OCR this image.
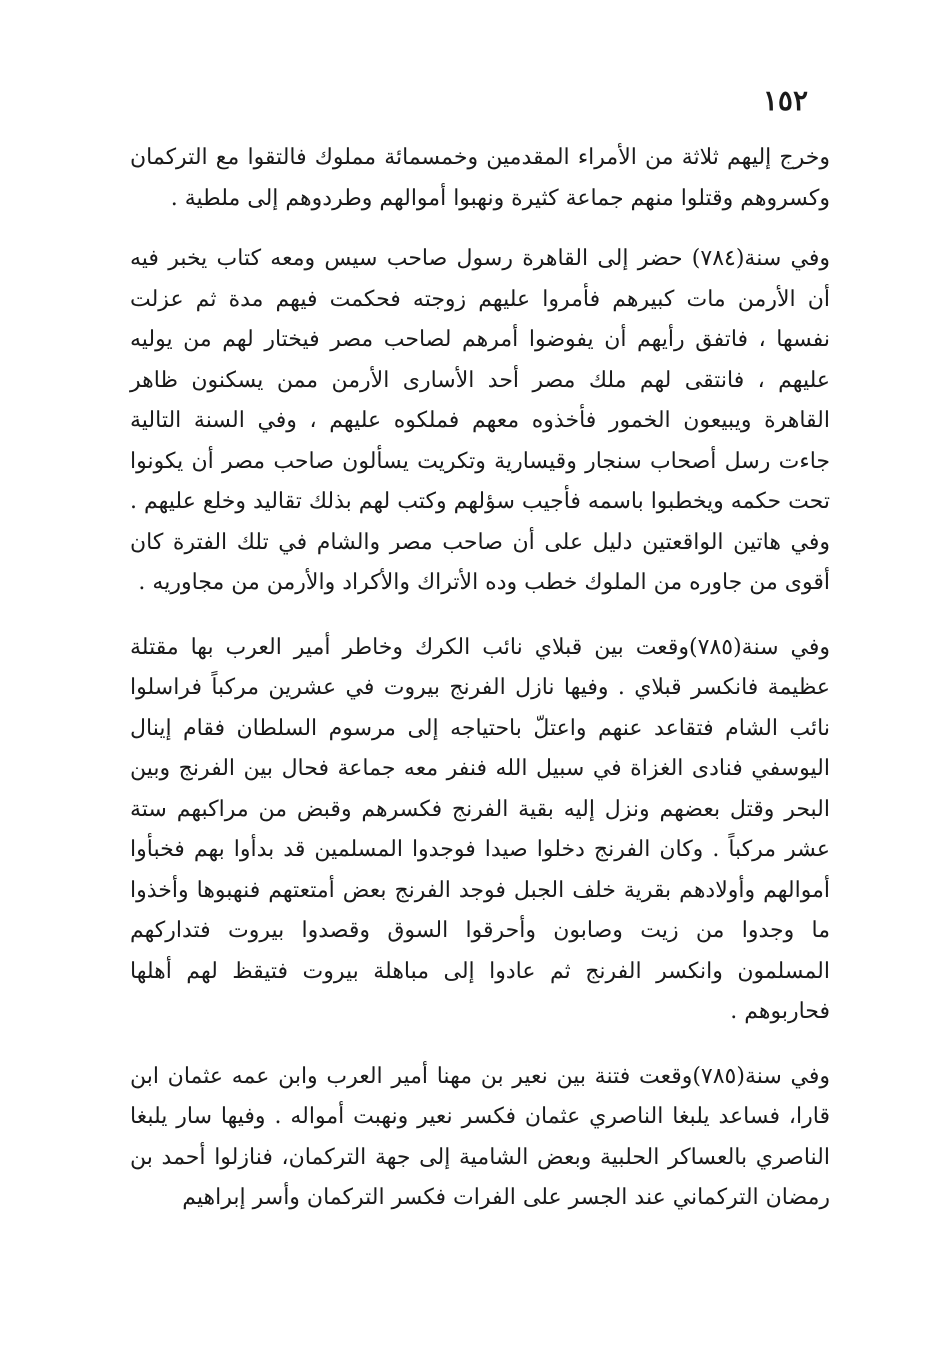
١٥٢

وخرج إليهم ثلاثة من الأمراء المقدمين وخمسمائة مملوك فالتقوا مع التركمان وكسروهم وقتلوا منهم جماعة كثيرة ونهبوا أموالهم وطردوهم إلى ملطية .

وفي سنة(٧٨٤) حضر إلى القاهرة رسول صاحب سيس ومعه كتاب يخبر فيه أن الأرمن مات كبيرهم فأمروا عليهم زوجته فحكمت فيهم مدة ثم عزلت نفسها ، فاتفق رأيهم أن يفوضوا أمرهم لصاحب مصر فيختار لهم من يوليه عليهم ، فانتقى لهم ملك مصر أحد الأسارى الأرمن ممن يسكنون ظاهر القاهرة ويبيعون الخمور فأخذوه معهم فملكوه عليهم ، وفي السنة التالية جاءت رسل أصحاب سنجار وقيسارية وتكريت يسألون صاحب مصر أن يكونوا تحت حكمه ويخطبوا باسمه فأجيب سؤلهم وكتب لهم بذلك تقاليد وخلع عليهم . وفي هاتين الواقعتين دليل على أن صاحب مصر والشام في تلك الفترة كان أقوى من جاوره من الملوك خطب وده الأتراك والأكراد والأرمن من مجاوريه .

وفي سنة(٧٨٥)وقعت بين قبلاي نائب الكرك وخاطر أمير العرب بها مقتلة عظيمة فانكسر قبلاي . وفيها نازل الفرنج بيروت في عشرين مركباً فراسلوا نائب الشام فتقاعد عنهم واعتلّ باحتياجه إلى مرسوم السلطان فقام إينال اليوسفي فنادى الغزاة في سبيل الله فنفر معه جماعة فحال بين الفرنج وبين البحر وقتل بعضهم ونزل إليه بقية الفرنج فكسرهم وقبض من مراكبهم ستة عشر مركباً . وكان الفرنج دخلوا صيدا فوجدوا المسلمين قد بدأوا بهم فخبأوا أموالهم وأولادهم بقرية خلف الجبل فوجد الفرنج بعض أمتعتهم فنهبوها وأخذوا ما وجدوا من زيت وصابون وأحرقوا السوق وقصدوا بيروت فتداركهم المسلمون وانكسر الفرنج ثم عادوا إلى مباهلة بيروت فتيقظ لهم أهلها فحاربوهم .

وفي سنة(٧٨٥)وقعت فتنة بين نعير بن مهنا أمير العرب وابن عمه عثمان ابن قارا، فساعد يلبغا الناصري عثمان فكسر نعير ونهبت أمواله . وفيها سار يلبغا الناصري بالعساكر الحلبية وبعض الشامية إلى جهة التركمان، فنازلوا أحمد بن رمضان التركماني عند الجسر على الفرات فكسر التركمان وأسر إبراهيم
